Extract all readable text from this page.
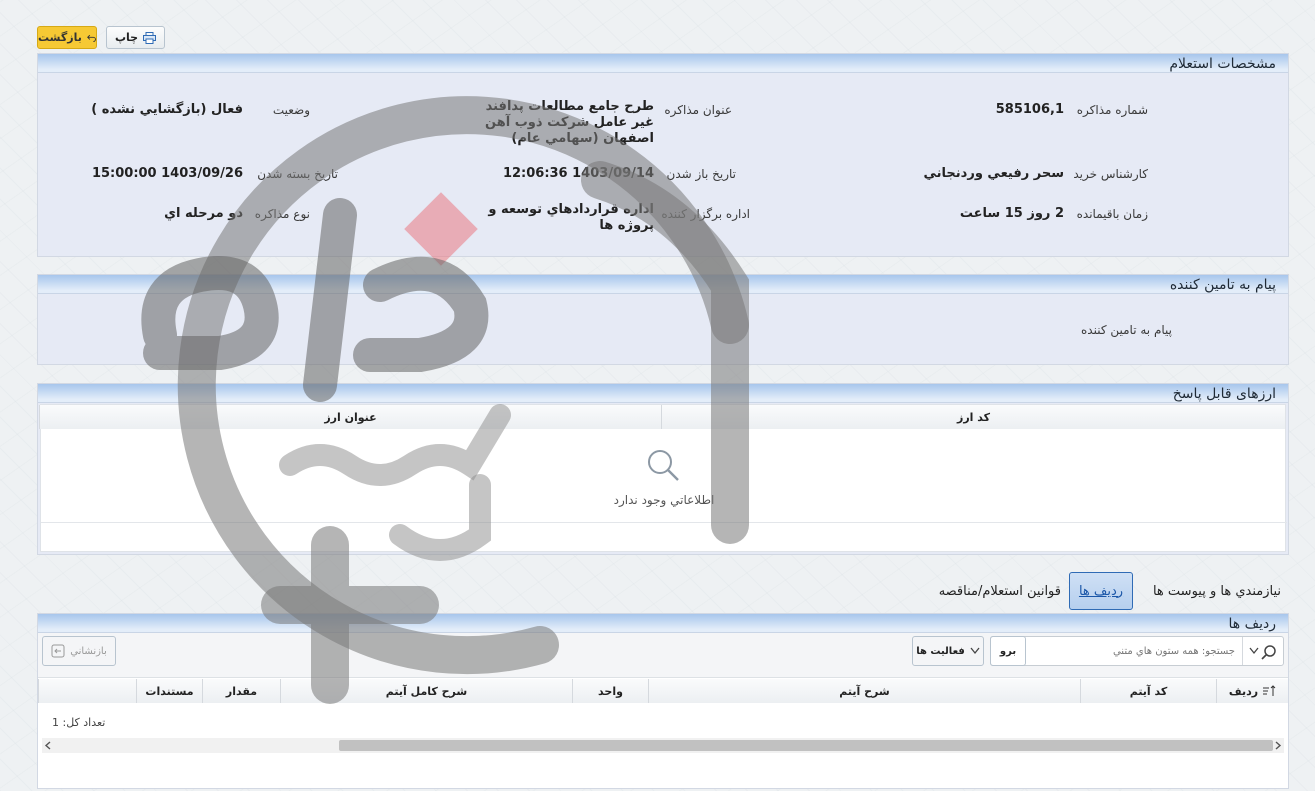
بازگشت	چاپ
مشخصات استعلام
شماره مذاکره
585106,1
عنوان مذاکره
طرح جامع مطالعات پدافند غير عامل شركت ذوب آهن اصفهان (سهامي عام)
وضعيت
فعال (بازگشايي نشده )
كارشناس خريد
سحر رفيعي وردنجاني
تاريخ باز شدن
1403/09/14 12:06:36
تاريخ بسته شدن
1403/09/26 15:00:00
زمان باقيمانده
2 روز 15 ساعت
اداره برگزار كننده
اداره قراردادهاي توسعه و پروژه ها
نوع مذاكره
دو مرحله اي
پيام به تامين كننده
پيام به تامين كننده
ارزهای قابل پاسخ
كد ارز
عنوان ارز
اطلاعاتي وجود ندارد
نيازمندي ها و پيوست ها
رديف ها
قوانين استعلام/مناقصه
رديف ها
جستجو: همه ستون هاي متني
برو
فعاليت ها
بازنشاني
رديف
كد آيتم
شرح آيتم
واحد
شرح كامل آيتم
مقدار
مستندات
تعداد كل: 1
